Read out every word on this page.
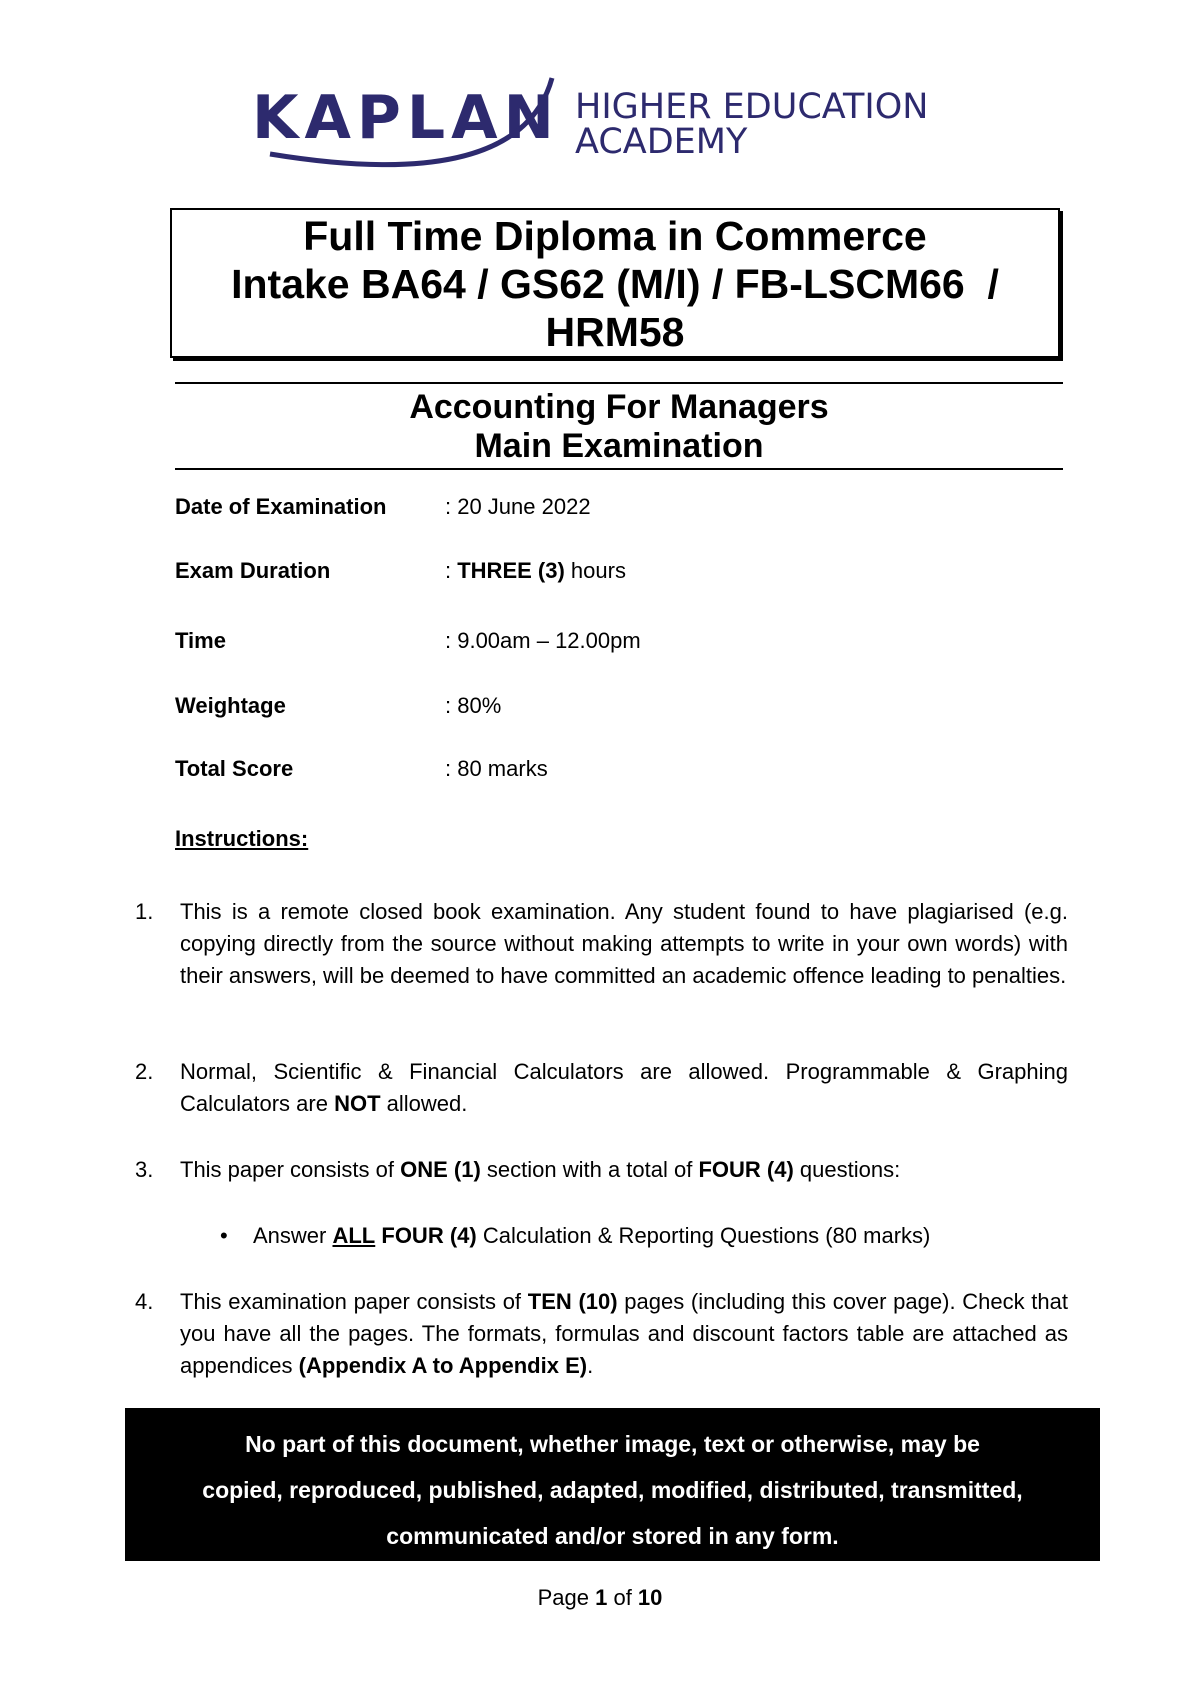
KAPLAN HIGHER EDUCATION
ACADEMY
Full Time Diploma in Commerce
Intake BA64 / GS62 (M/I) / FB-LSCM66  /
HRM58
Accounting For Managers
Main Examination
Date of Examination	: 20 June 2022
Exam Duration	: THREE (3) hours
Time	: 9.00am – 12.00pm
Weightage	: 80%
Total Score	: 80 marks
Instructions:
1. This is a remote closed book examination. Any student found to have plagiarised (e.g. copying directly from the source without making attempts to write in your own words) with their answers, will be deemed to have committed an academic offence leading to penalties.
2. Normal, Scientific & Financial Calculators are allowed. Programmable & Graphing Calculators are NOT allowed.
3. This paper consists of ONE (1) section with a total of FOUR (4) questions:
• Answer ALL FOUR (4) Calculation & Reporting Questions (80 marks)
4. This examination paper consists of TEN (10) pages (including this cover page). Check that you have all the pages. The formats, formulas and discount factors table are attached as appendices (Appendix A to Appendix E).
No part of this document, whether image, text or otherwise, may be
copied, reproduced, published, adapted, modified, distributed, transmitted,
communicated and/or stored in any form.
Page 1 of 10
